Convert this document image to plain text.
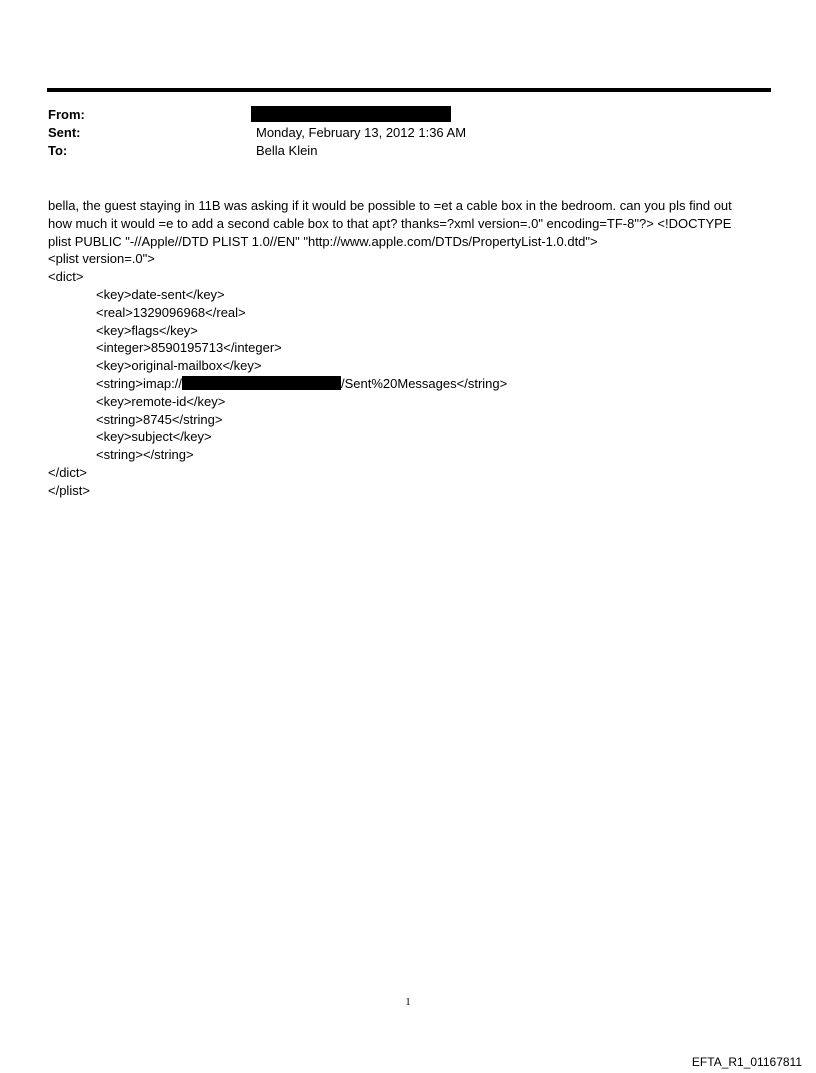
From:
Sent:	Monday, February 13, 2012 1:36 AM
To:	Bella Klein
bella, the guest staying in 11B was asking if it would be possible to =et a cable box in the bedroom. can you pls find out
how much it would =e to add a second cable box to that apt? thanks=?xml version=.0" encoding=TF-8"?> <!DOCTYPE
plist PUBLIC "-//Apple//DTD PLIST 1.0//EN" "http://www.apple.com/DTDs/PropertyList-1.0.dtd">
<plist version=.0">
<dict>
<key>date-sent</key>
<real>1329096968</real>
<key>flags</key>
<integer>8590195713</integer>
<key>original-mailbox</key>
<string>imap://	/Sent%20Messages</string>
<key>remote-id</key>
<string>8745</string>
<key>subject</key>
<string></string>
</dict>
</plist>
1
EFTA_R1_01167811
